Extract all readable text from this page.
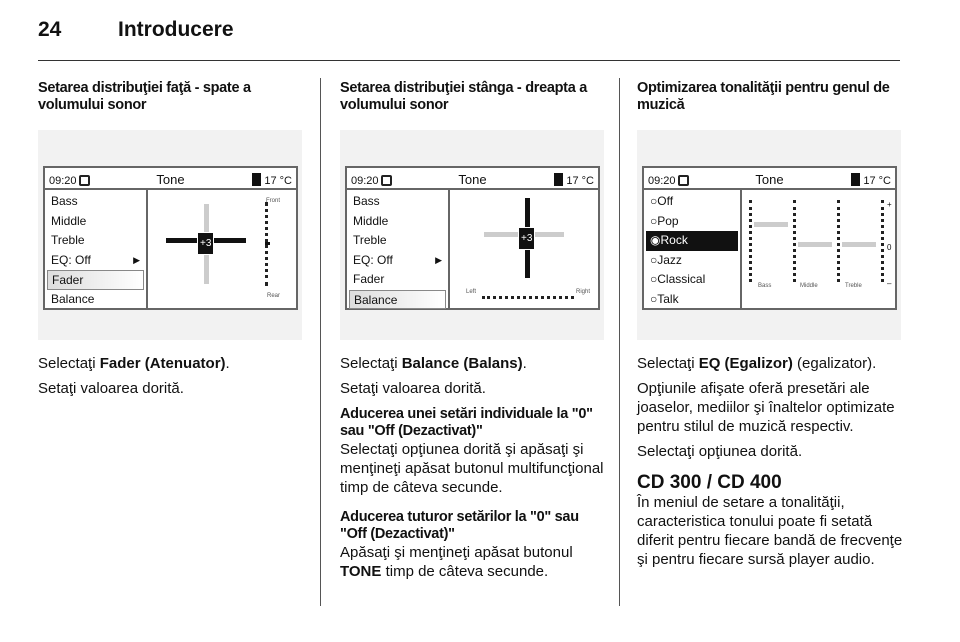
24	Introducere
Setarea distribuţiei faţă - spate a volumului sonor
09:20	Tone	17 °C
Bass
Middle
Treble
EQ: Off	▶
Fader
Balance
+3
Front
Rear

Selectaţi Fader (Atenuator).

Setaţi valoarea dorită.

Setarea distribuţiei stânga - dreapta a volumului sonor
09:20	Tone	17 °C
Bass
Middle
Treble
EQ: Off	▶
Fader
Balance
+3
Left	Right

Selectaţi Balance (Balans).

Setaţi valoarea dorită.

Aducerea unei setări individuale la "0" sau "Off (Dezactivat)"
Selectaţi opţiunea dorită şi apăsaţi şi menţineţi apăsat butonul multifuncţional timp de câteva secunde.
Aducerea tuturor setărilor la "0" sau "Off (Dezactivat)"
Apăsaţi şi menţineţi apăsat butonul TONE timp de câteva secunde.
Optimizarea tonalităţii pentru genul de muzică
09:20	Tone	17 °C
○Off
○Pop
◉Rock
○Jazz
○Classical
○Talk
+
0
–
Bass	Middle	Treble

Selectaţi EQ (Egalizor) (egalizator).

Opţiunile afişate oferă presetări ale joaselor, mediilor şi înaltelor optimizate pentru stilul de muzică respectiv.

Selectaţi opţiunea dorită.

CD 300 / CD 400
În meniul de setare a tonalităţii, caracteristica tonului poate fi setată diferit pentru fiecare bandă de frecvenţe şi pentru fiecare sursă player audio.
